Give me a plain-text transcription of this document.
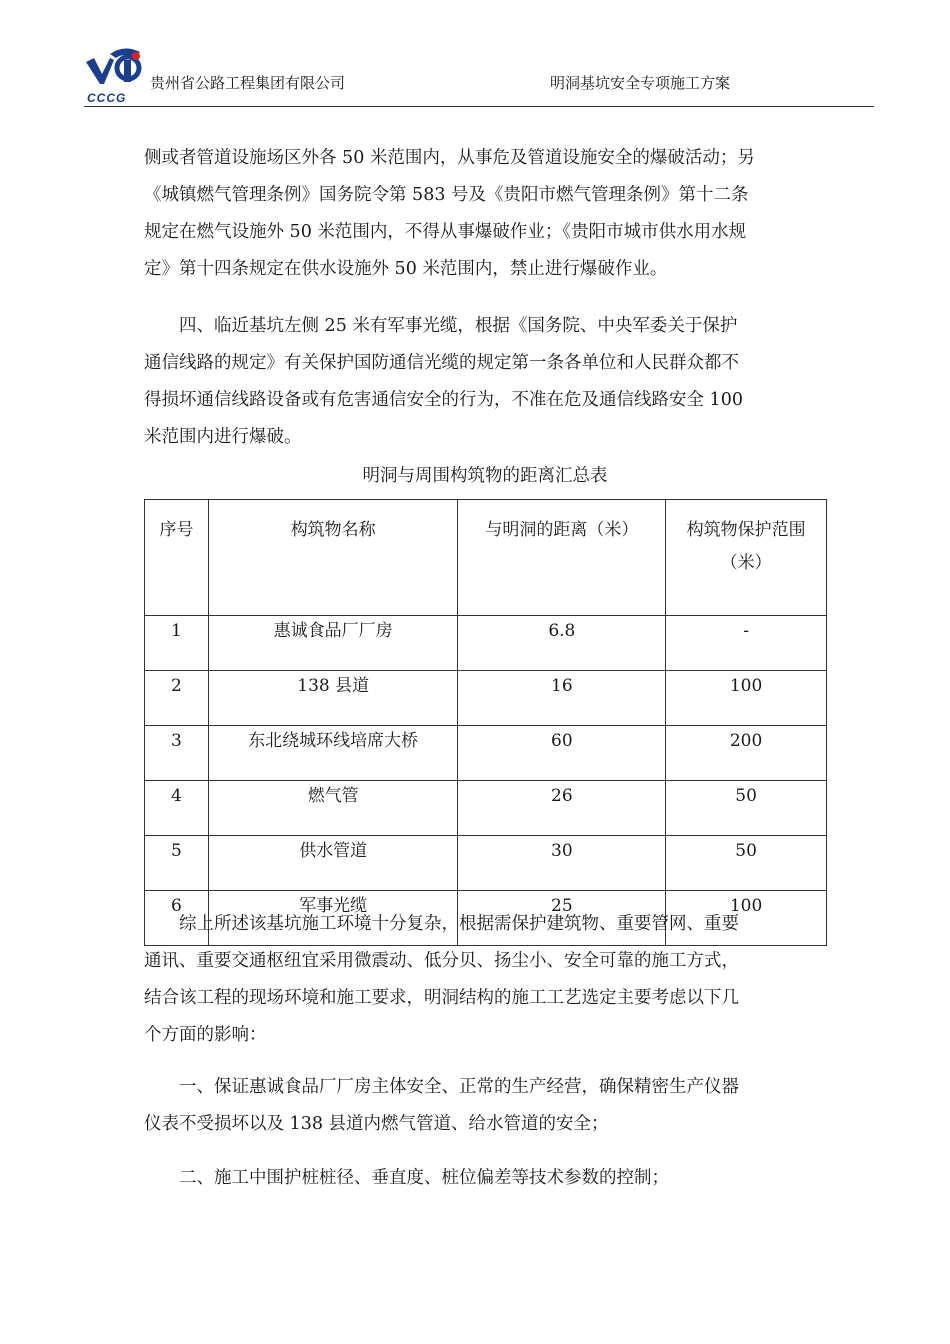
CCCG
贵州省公路工程集团有限公司	明洞基坑安全专项施工方案
侧或者管道设施场区外各 50 米范围内，从事危及管道设施安全的爆破活动；另
《城镇燃气管理条例》国务院令第 583 号及《贵阳市燃气管理条例》第十二条
规定在燃气设施外 50 米范围内，不得从事爆破作业；《贵阳市城市供水用水规
定》第十四条规定在供水设施外 50 米范围内，禁止进行爆破作业。
　　四、临近基坑左侧 25 米有军事光缆，根据《国务院、中央军委关于保护
通信线路的规定》有关保护国防通信光缆的规定第一条各单位和人民群众都不
得损坏通信线路设备或有危害通信安全的行为，不准在危及通信线路安全 100
米范围内进行爆破。
明洞与周围构筑物的距离汇总表
序号	构筑物名称	与明洞的距离（米）	构筑物保护范围（米）
1	惠诚食品厂厂房	6.8	-
2	138 县道	16	100
3	东北绕城环线培席大桥	60	200
4	燃气管	26	50
5	供水管道	30	50
6	军事光缆	25	100
　　综上所述该基坑施工环境十分复杂，根据需保护建筑物、重要管网、重要
通讯、重要交通枢纽宜采用微震动、低分贝、扬尘小、安全可靠的施工方式，
结合该工程的现场环境和施工要求，明洞结构的施工工艺选定主要考虑以下几
个方面的影响：
　　一、保证惠诚食品厂厂房主体安全、正常的生产经营，确保精密生产仪器
仪表不受损坏以及 138 县道内燃气管道、给水管道的安全；
　　二、施工中围护桩桩径、垂直度、桩位偏差等技术参数的控制；
